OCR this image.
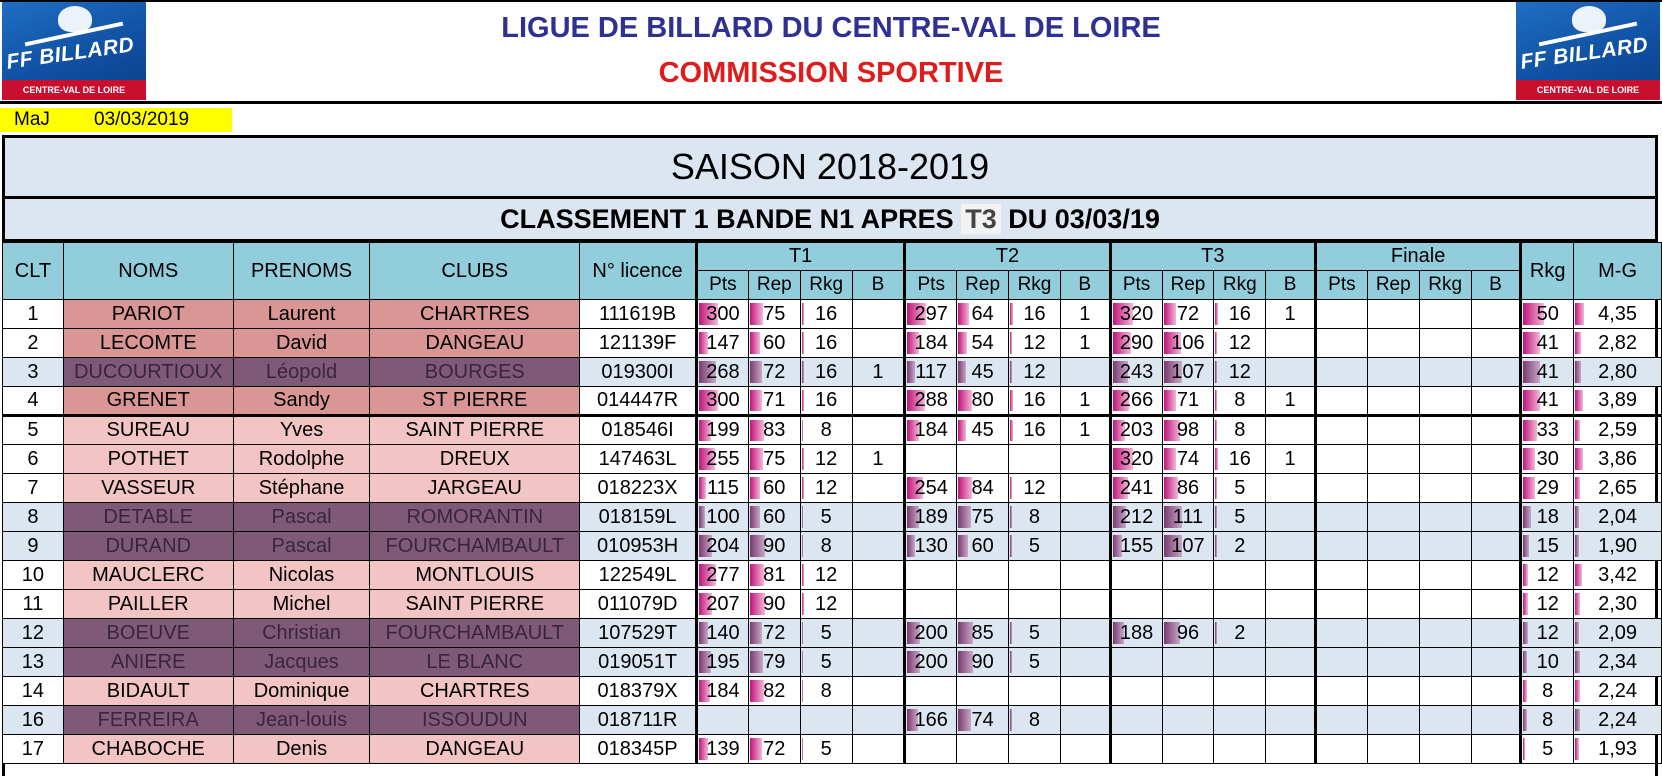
FF BILLARD
CENTRE-VAL DE LOIRE
FF BILLARD
CENTRE-VAL DE LOIRE
LIGUE DE BILLARD DU CENTRE-VAL DE LOIRE
COMMISSION SPORTIVE
MaJ 03/03/2019
SAISON 2018-2019
CLASSEMENT 1 BANDE N1 APRES T3 DU 03/03/19
CLT	NOMS	PRENOMS	CLUBS	N° licence	T1				T2				T3				Finale				Rkg	M-G
					Pts	Rep	Rkg	B	Pts	Rep	Rkg	B	Pts	Rep	Rkg	B	Pts	Rep	Rkg	B		
1	PARIOT	Laurent	CHARTRES	111619B	300	75	16		297	64	16	1	320	72	16	1					50	4,35
2	LECOMTE	David	DANGEAU	121139F	147	60	16		184	54	12	1	290	106	12						41	2,82
3	DUCOURTIOUX	Léopold	BOURGES	019300I	268	72	16	1	117	45	12		243	107	12						41	2,80
4	GRENET	Sandy	ST PIERRE	014447R	300	71	16		288	80	16	1	266	71	8	1					41	3,89
5	SUREAU	Yves	SAINT PIERRE	018546I	199	83	8		184	45	16	1	203	98	8						33	2,59
6	POTHET	Rodolphe	DREUX	147463L	255	75	12	1					320	74	16	1					30	3,86
7	VASSEUR	Stéphane	JARGEAU	018223X	115	60	12		254	84	12		241	86	5						29	2,65
8	DETABLE	Pascal	ROMORANTIN	018159L	100	60	5		189	75	8		212	111	5						18	2,04
9	DURAND	Pascal	FOURCHAMBAULT	010953H	204	90	8		130	60	5		155	107	2						15	1,90
10	MAUCLERC	Nicolas	MONTLOUIS	122549L	277	81	12														12	3,42
11	PAILLER	Michel	SAINT PIERRE	011079D	207	90	12														12	2,30
12	BOEUVE	Christian	FOURCHAMBAULT	107529T	140	72	5		200	85	5		188	96	2						12	2,09
13	ANIERE	Jacques	LE BLANC	019051T	195	79	5		200	90	5										10	2,34
14	BIDAULT	Dominique	CHARTRES	018379X	184	82	8														8	2,24
16	FERREIRA	Jean-louis	ISSOUDUN	018711R					166	74	8										8	2,24
17	CHABOCHE	Denis	DANGEAU	018345P	139	72	5														5	1,93
